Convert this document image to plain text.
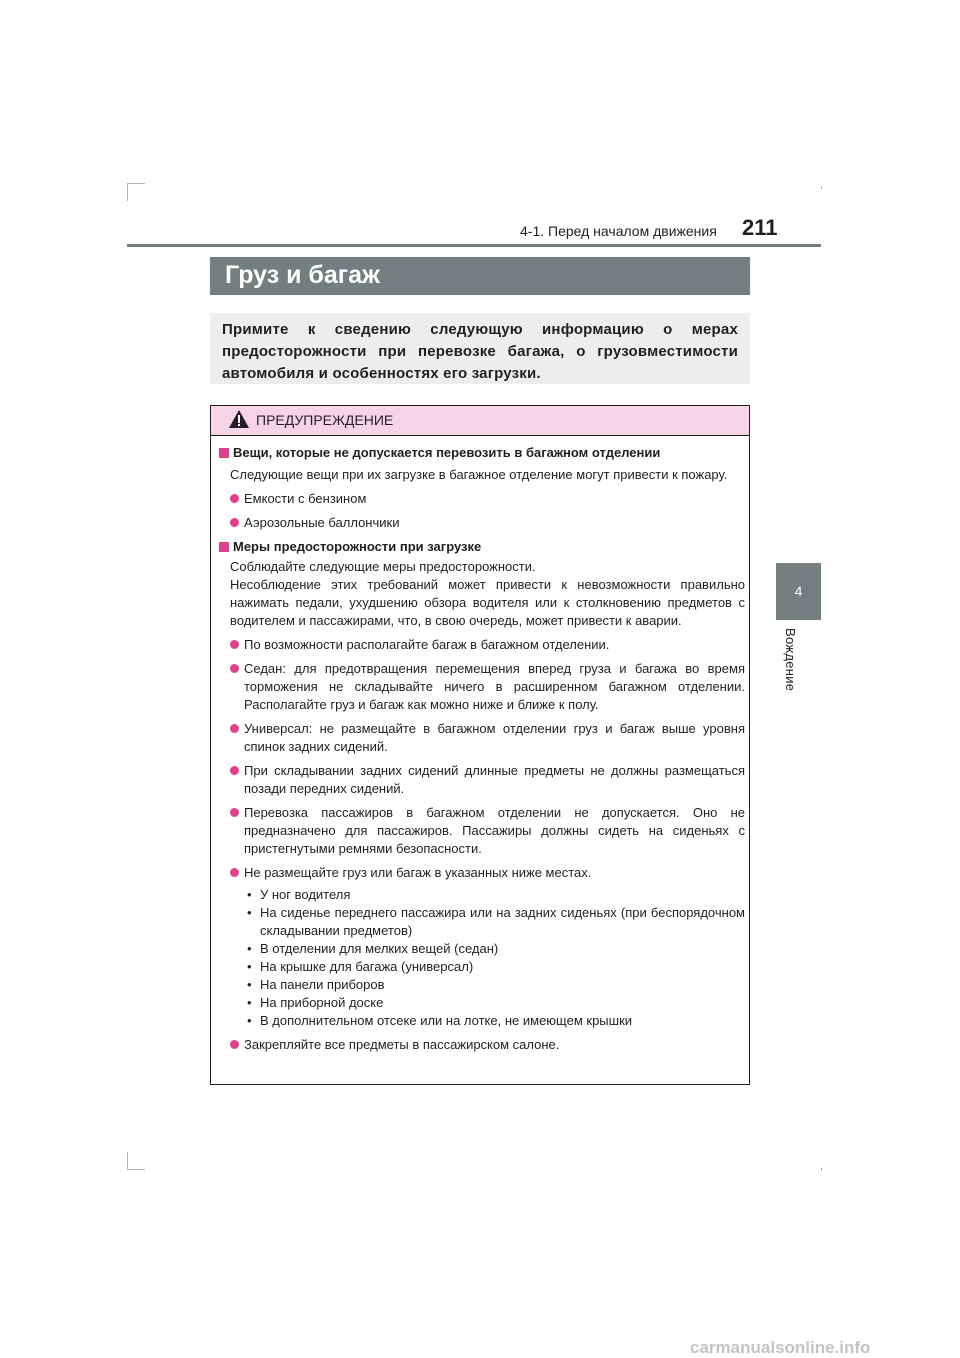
4-1. Перед началом движения 211
4
Вождение
Груз и багаж

Примите к сведению следующую информацию о мерах предосторожности при перевозке багажа, о грузовместимости автомобиля и особенностях его загрузки.

ПРЕДУПРЕЖДЕНИЕ

Вещи, которые не допускается перевозить в багажном отделении

Следующие вещи при их загрузке в багажное отделение могут привести к пожару.

Емкости с бензином

Аэрозольные баллончики

Меры предосторожности при загрузке

Соблюдайте следующие меры предосторожности.

Несоблюдение этих требований может привести к невозможности правильно нажимать педали, ухудшению обзора водителя или к столкновению предметов с водителем и пассажирами, что, в свою очередь, может привести к аварии.

По возможности располагайте багаж в багажном отделении.

Седан: для предотвращения перемещения вперед груза и багажа во время торможения не складывайте ничего в расширенном багажном отделении. Располагайте груз и багаж как можно ниже и ближе к полу.

Универсал: не размещайте в багажном отделении груз и багаж выше уровня спинок задних сидений.

При складывании задних сидений длинные предметы не должны размещаться позади передних сидений.

Перевозка пассажиров в багажном отделении не допускается. Оно не предназначено для пассажиров. Пассажиры должны сидеть на сиденьях с пристегнутыми ремнями безопасности.

Не размещайте груз или багаж в указанных ниже местах.

• У ног водителя

• На сиденье переднего пассажира или на задних сиденьях (при беспорядочном складывании предметов)

• В отделении для мелких вещей (седан)

• На крышке для багажа (универсал)

• На панели приборов

• На приборной доске

• В дополнительном отсеке или на лотке, не имеющем крышки

Закрепляйте все предметы в пассажирском салоне.

carmanualsonline.info
